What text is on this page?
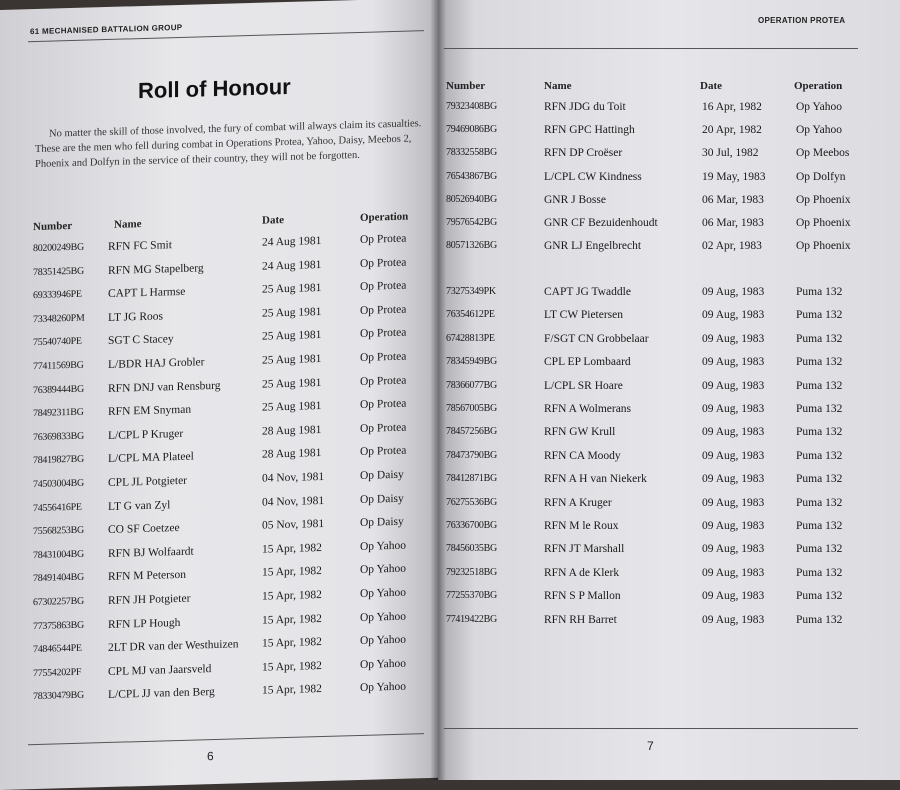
61 MECHANISED BATTALION GROUP
Roll of Honour
No matter the skill of those involved, the fury of combat will always claim its casualties. These are the men who fell during combat in Operations Protea, Yahoo, Daisy, Meebos 2, Phoenix and Dolfyn in the service of their country, they will not be forgotten.
Number	Name	Date	Operation
80200249BG RFN FC Smit	24 Aug 1981	Op Protea
78351425BG RFN MG Stapelberg	24 Aug 1981	Op Protea
69333946PE CAPT L Harmse	25 Aug 1981	Op Protea
73348260PM LT JG Roos	25 Aug 1981	Op Protea
75540740PE SGT C Stacey	25 Aug 1981	Op Protea
77411569BG L/BDR HAJ Grobler	25 Aug 1981	Op Protea
76389444BG RFN DNJ van Rensburg	25 Aug 1981	Op Protea
78492311BG RFN EM Snyman	25 Aug 1981	Op Protea
76369833BG L/CPL P Kruger	28 Aug 1981	Op Protea
78419827BG L/CPL MA Plateel	28 Aug 1981	Op Protea
74503004BG CPL JL Potgieter	04 Nov, 1981	Op Daisy
74556416PE LT G van Zyl	04 Nov, 1981	Op Daisy
75568253BG CO SF Coetzee	05 Nov, 1981	Op Daisy
78431004BG RFN BJ Wolfaardt	15 Apr, 1982	Op Yahoo
78491404BG RFN M Peterson	15 Apr, 1982	Op Yahoo
67302257BG RFN JH Potgieter	15 Apr, 1982	Op Yahoo
77375863BG RFN LP Hough	15 Apr, 1982	Op Yahoo
74846544PE 2LT DR van der Westhuizen 15 Apr, 1982	Op Yahoo
77554202PF CPL MJ van Jaarsveld	15 Apr, 1982	Op Yahoo
78330479BG L/CPL JJ van den Berg	15 Apr, 1982	Op Yahoo
6
OPERATION PROTEA
Number	Name	Date	Operation
79323408BG	RFN JDG du Toit	16 Apr, 1982	Op Yahoo
79469086BG	RFN GPC Hattingh	20 Apr, 1982	Op Yahoo
78332558BG	RFN DP Croëser	30 Jul, 1982	Op Meebos
76543867BG	L/CPL CW Kindness	19 May, 1983	Op Dolfyn
80526940BG	GNR J Bosse	06 Mar, 1983	Op Phoenix
79576542BG	GNR CF Bezuidenhoudt	06 Mar, 1983	Op Phoenix
80571326BG	GNR LJ Engelbrecht	02 Apr, 1983	Op Phoenix
73275349PK	CAPT JG Twaddle	09 Aug, 1983	Puma 132
76354612PE	LT CW Pietersen	09 Aug, 1983	Puma 132
67428813PE	F/SGT CN Grobbelaar	09 Aug, 1983	Puma 132
78345949BG	CPL EP Lombaard	09 Aug, 1983	Puma 132
78366077BG	L/CPL SR Hoare	09 Aug, 1983	Puma 132
78567005BG	RFN A Wolmerans	09 Aug, 1983	Puma 132
78457256BG	RFN GW Krull	09 Aug, 1983	Puma 132
78473790BG	RFN CA Moody	09 Aug, 1983	Puma 132
78412871BG	RFN A H van Niekerk	09 Aug, 1983	Puma 132
76275536BG	RFN A Kruger	09 Aug, 1983	Puma 132
76336700BG	RFN M le Roux	09 Aug, 1983	Puma 132
78456035BG	RFN JT Marshall	09 Aug, 1983	Puma 132
79232518BG	RFN A de Klerk	09 Aug, 1983	Puma 132
77255370BG	RFN S P Mallon	09 Aug, 1983	Puma 132
77419422BG	RFN RH Barret	09 Aug, 1983	Puma 132
7
